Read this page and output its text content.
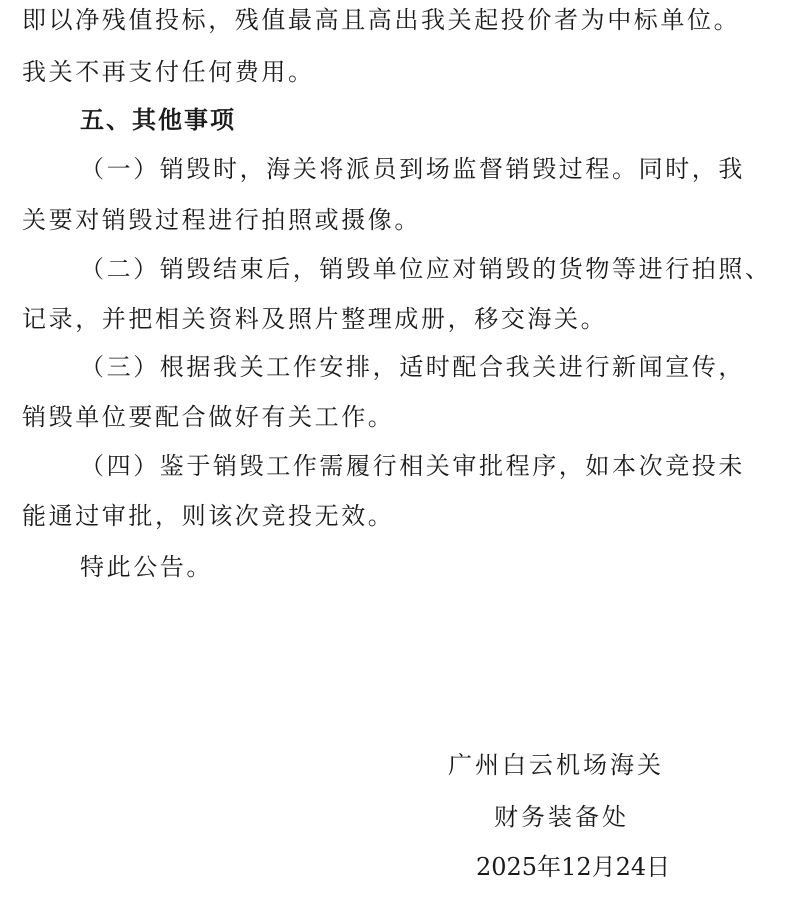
即以净残值投标，残值最高且高出我关起投价者为中标单位。
我关不再支付任何费用。
五、其他事项
（一）销毁时，海关将派员到场监督销毁过程。同时，我
关要对销毁过程进行拍照或摄像。
（二）销毁结束后，销毁单位应对销毁的货物等进行拍照、
记录，并把相关资料及照片整理成册，移交海关。
（三）根据我关工作安排，适时配合我关进行新闻宣传，
销毁单位要配合做好有关工作。
（四）鉴于销毁工作需履行相关审批程序，如本次竞投未
能通过审批，则该次竞投无效。
特此公告。
广州白云机场海关
财务装备处
2025年12月24日
